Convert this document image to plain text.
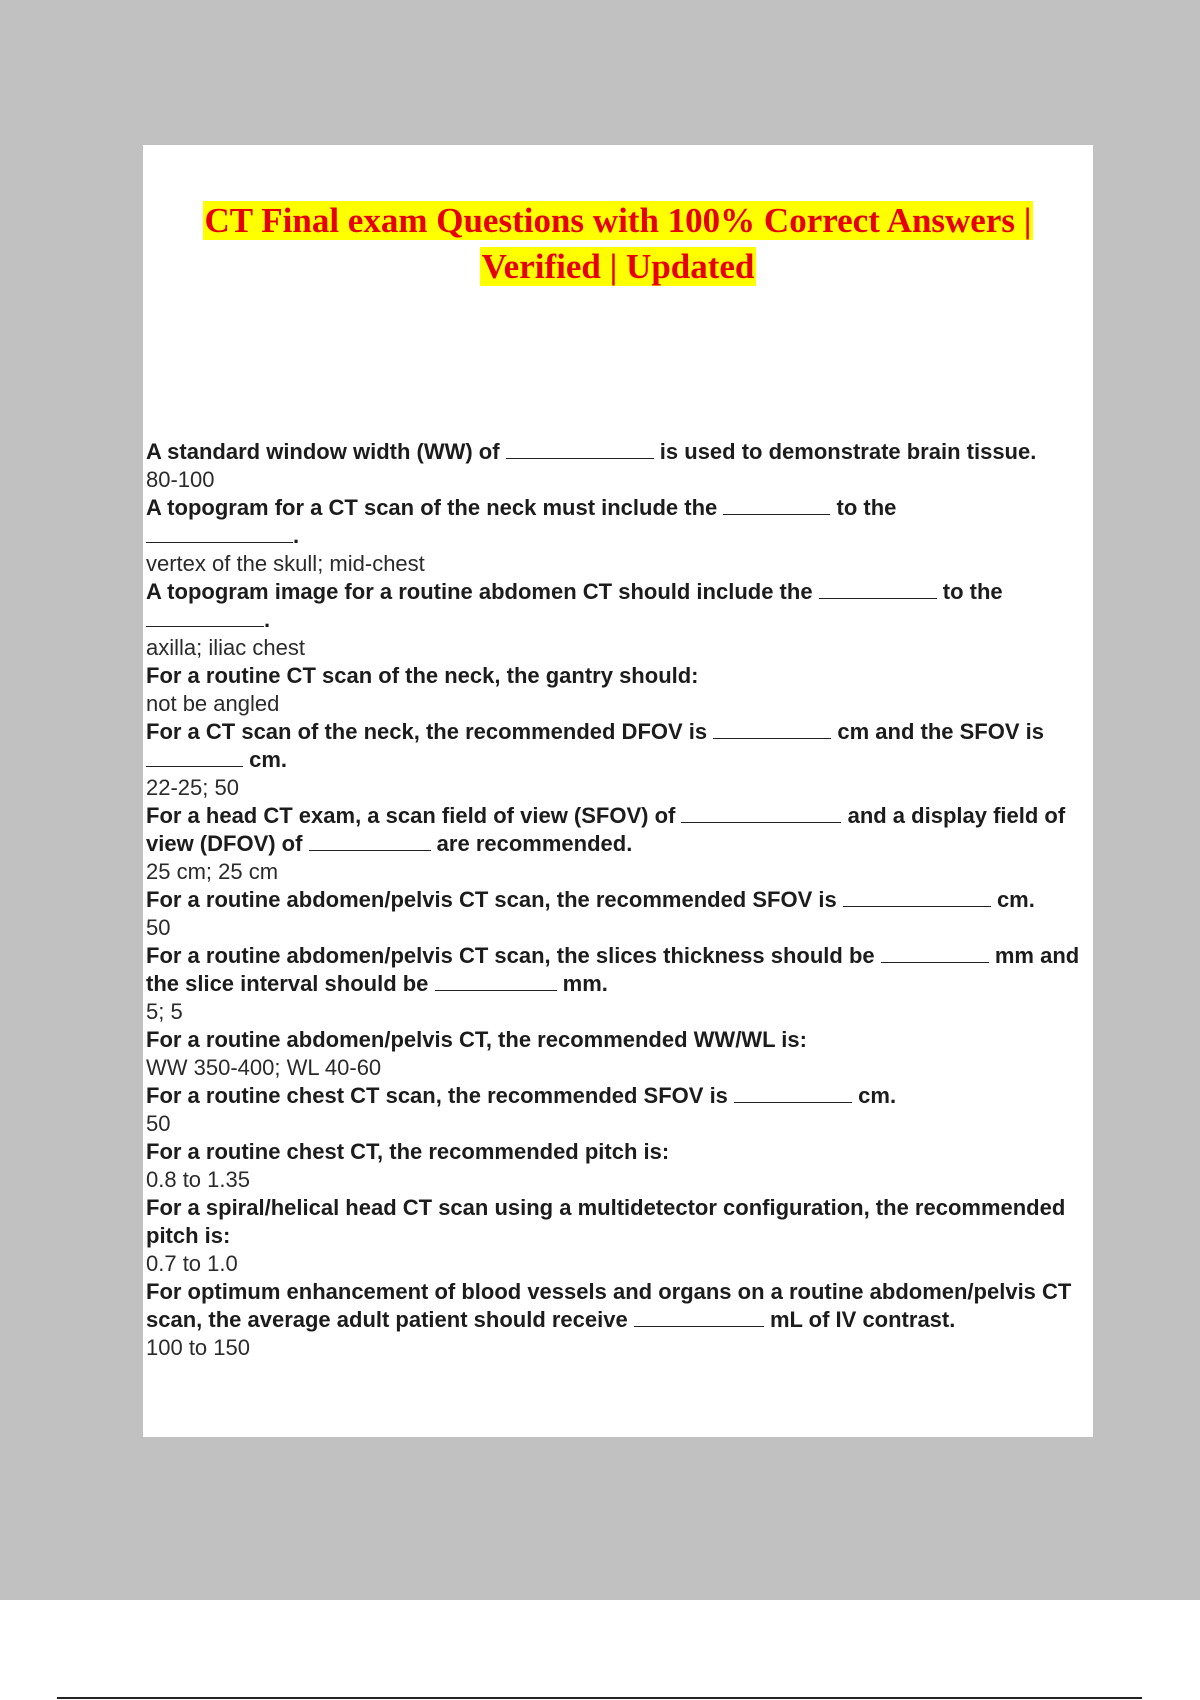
CT Final exam Questions with 100% Correct Answers |
Verified | Updated
A standard window width (WW) of	is used to demonstrate brain tissue.
80-100
A topogram for a CT scan of the neck must include the	to the
.
vertex of the skull; mid-chest
A topogram image for a routine abdomen CT should include the	to the
.
axilla; iliac chest
For a routine CT scan of the neck, the gantry should:
not be angled
For a CT scan of the neck, the recommended DFOV is	cm and the SFOV is  cm.
22-25; 50
For a head CT exam, a scan field of view (SFOV) of	and a display field of view (DFOV) of	are recommended.
25 cm; 25 cm
For a routine abdomen/pelvis CT scan, the recommended SFOV is	cm.
50
For a routine abdomen/pelvis CT scan, the slices thickness should be	mm and the slice interval should be	mm.
5; 5
For a routine abdomen/pelvis CT, the recommended WW/WL is:
WW 350-400; WL 40-60
For a routine chest CT scan, the recommended SFOV is	cm.
50
For a routine chest CT, the recommended pitch is:
0.8 to 1.35
For a spiral/helical head CT scan using a multidetector configuration, the recommended pitch is:
0.7 to 1.0
For optimum enhancement of blood vessels and organs on a routine abdomen/pelvis CT scan, the average adult patient should receive	mL of IV contrast.
100 to 150
